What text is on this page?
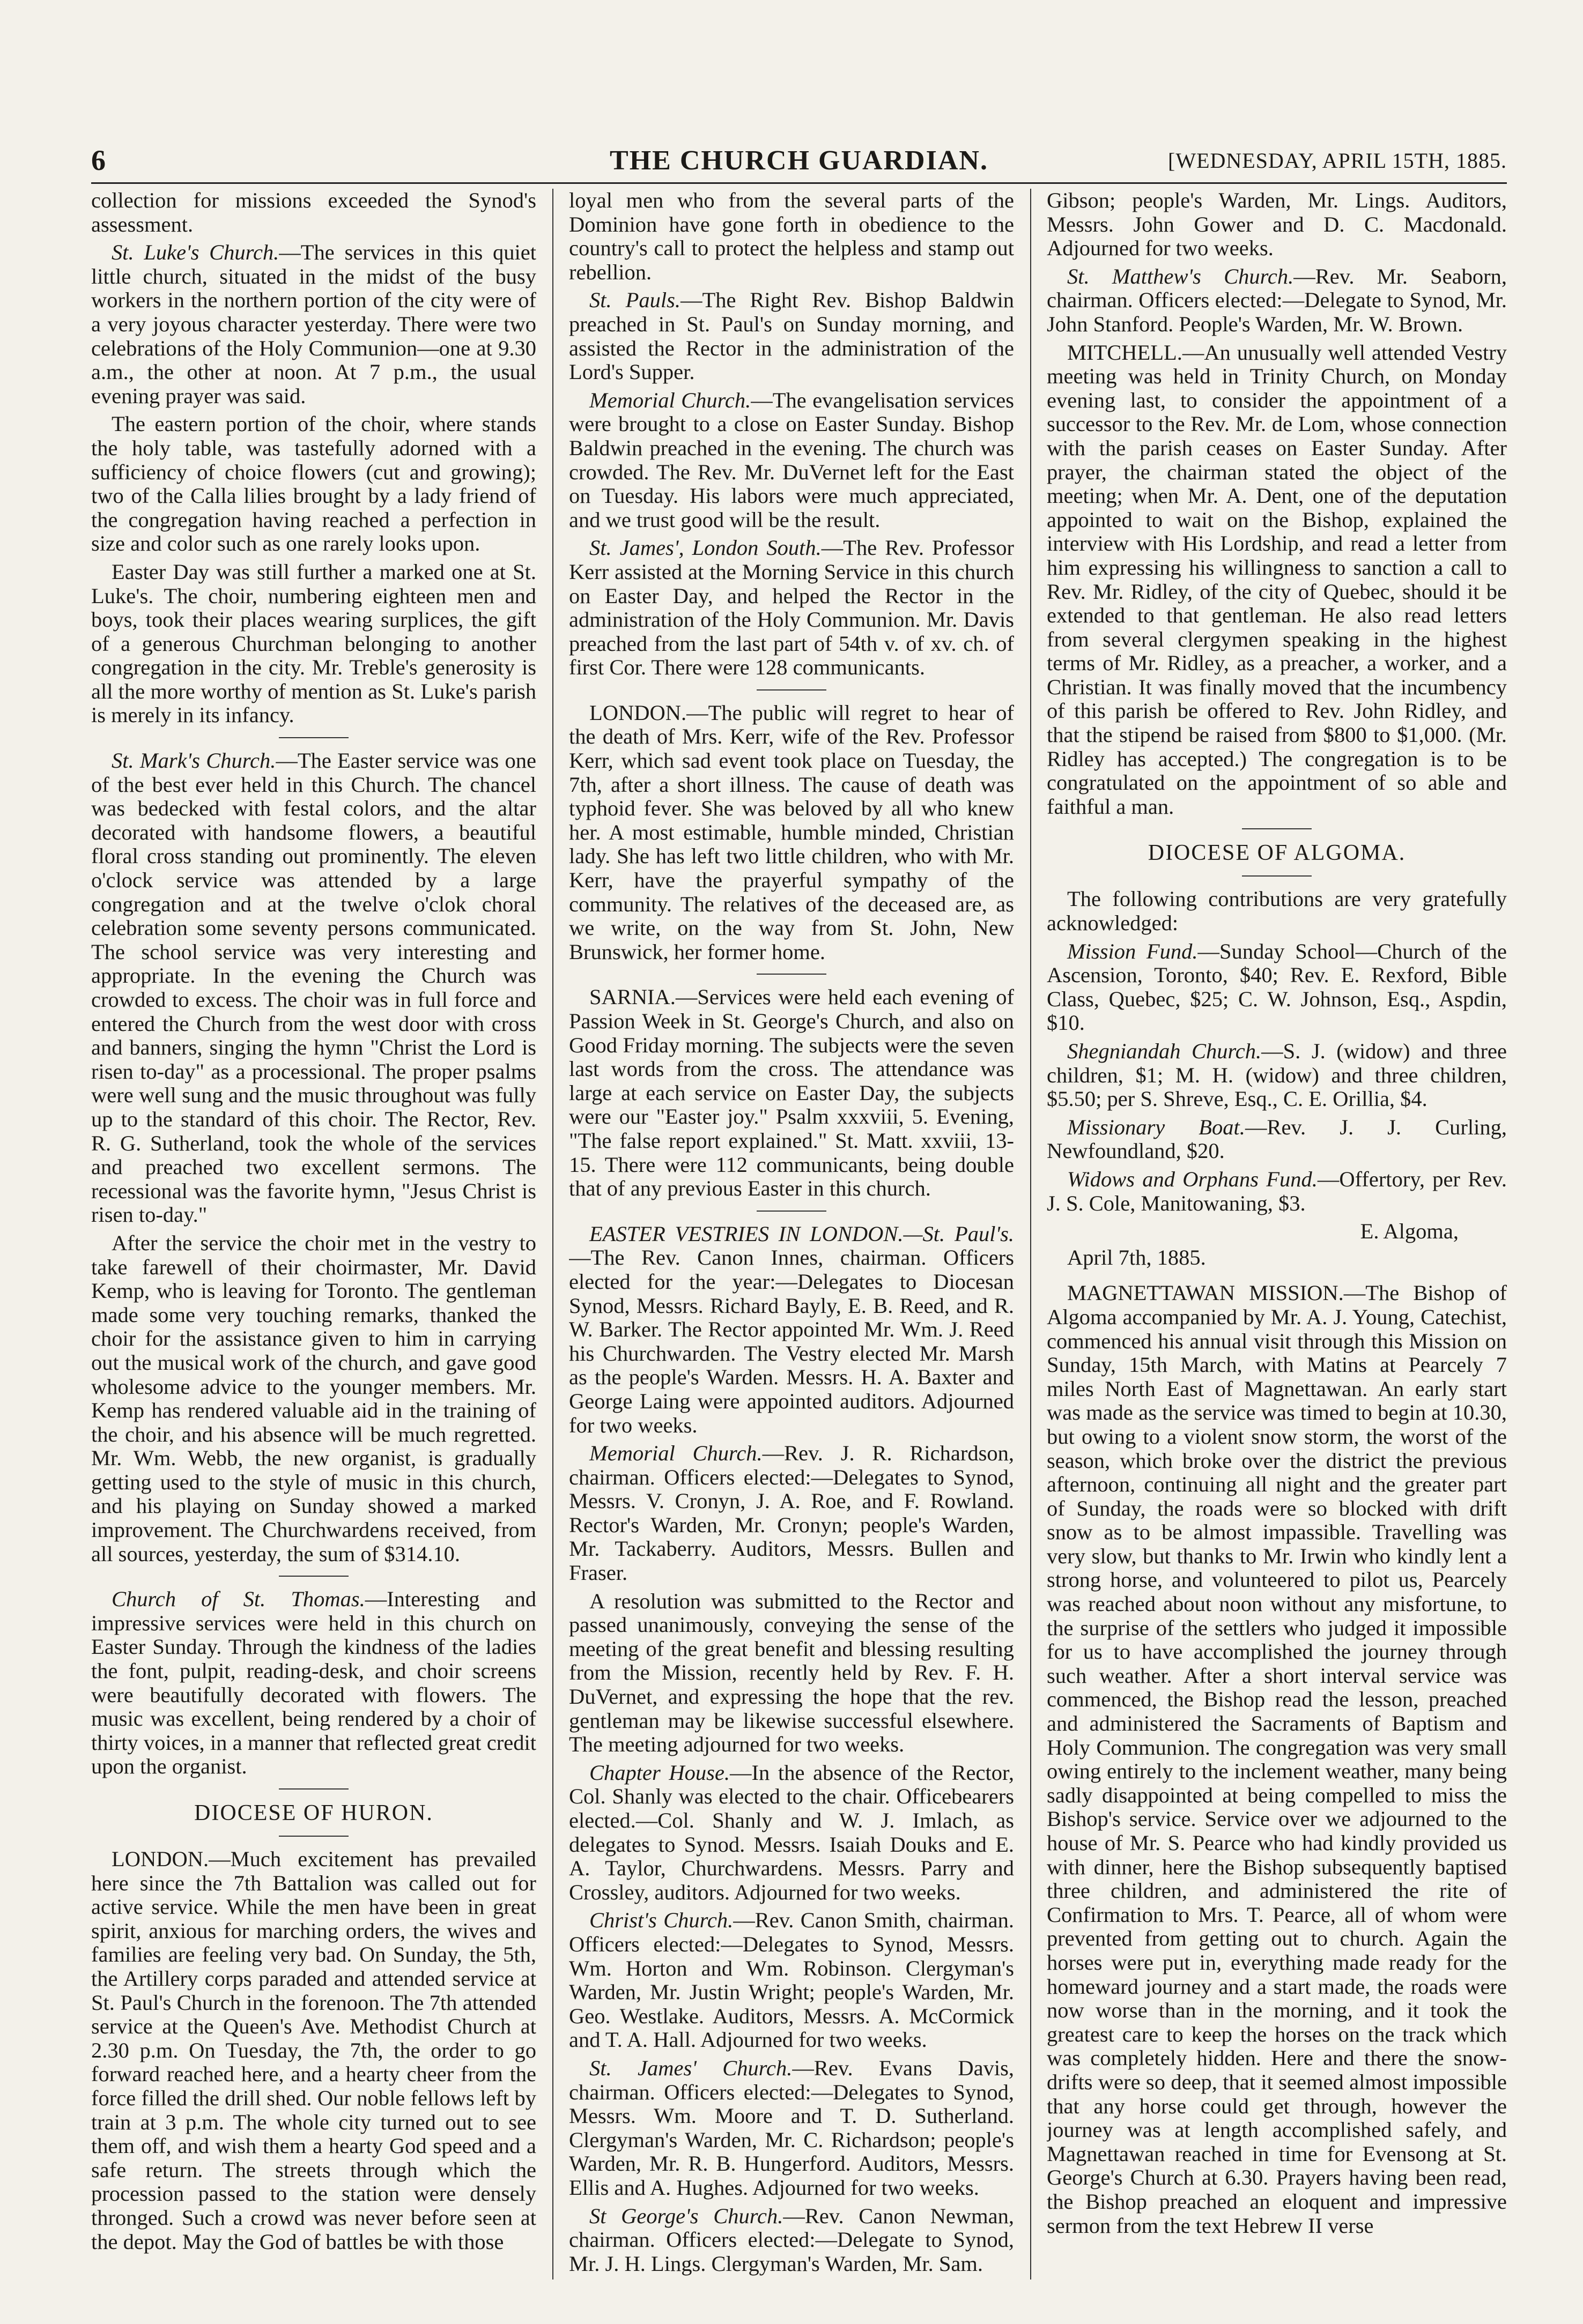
6	THE CHURCH GUARDIAN.	[WEDNESDAY, APRIL 15TH, 1885.

collection for missions exceeded the Synod's assessment.

St. Luke's Church.—The services in this quiet little church, situated in the midst of the busy workers in the northern portion of the city were of a very joyous character yesterday. There were two celebrations of the Holy Communion—one at 9.30 a.m., the other at noon. At 7 p.m., the usual evening prayer was said.

The eastern portion of the choir, where stands the holy table, was tastefully adorned with a sufficiency of choice flowers (cut and growing); two of the Calla lilies brought by a lady friend of the congregation having reached a perfection in size and color such as one rarely looks upon.

Easter Day was still further a marked one at St. Luke's. The choir, numbering eighteen men and boys, took their places wearing surplices, the gift of a generous Churchman belonging to another congregation in the city. Mr. Treble's generosity is all the more worthy of mention as St. Luke's parish is merely in its infancy.

St. Mark's Church.—The Easter service was one of the best ever held in this Church. The chancel was bedecked with festal colors, and the altar decorated with handsome flowers, a beautiful floral cross standing out prominently. The eleven o'clock service was attended by a large congregation and at the twelve o'clok choral celebration some seventy persons communicated. The school service was very interesting and appropriate. In the evening the Church was crowded to excess. The choir was in full force and entered the Church from the west door with cross and banners, singing the hymn "Christ the Lord is risen to-day" as a processional. The proper psalms were well sung and the music throughout was fully up to the standard of this choir. The Rector, Rev. R. G. Sutherland, took the whole of the services and preached two excellent sermons. The recessional was the favorite hymn, "Jesus Christ is risen to-day."

After the service the choir met in the vestry to take farewell of their choirmaster, Mr. David Kemp, who is leaving for Toronto. The gentleman made some very touching remarks, thanked the choir for the assistance given to him in carrying out the musical work of the church, and gave good wholesome advice to the younger members. Mr. Kemp has rendered valuable aid in the training of the choir, and his absence will be much regretted. Mr. Wm. Webb, the new organist, is gradually getting used to the style of music in this church, and his playing on Sunday showed a marked improvement. The Churchwardens received, from all sources, yesterday, the sum of $314.10.

Church of St. Thomas.—Interesting and impressive services were held in this church on Easter Sunday. Through the kindness of the ladies the font, pulpit, reading-desk, and choir screens were beautifully decorated with flowers. The music was excellent, being rendered by a choir of thirty voices, in a manner that reflected great credit upon the organist.

DIOCESE OF HURON.

LONDON.—Much excitement has prevailed here since the 7th Battalion was called out for active service. While the men have been in great spirit, anxious for marching orders, the wives and families are feeling very bad. On Sunday, the 5th, the Artillery corps paraded and attended service at St. Paul's Church in the forenoon. The 7th attended service at the Queen's Ave. Methodist Church at 2.30 p.m. On Tuesday, the 7th, the order to go forward reached here, and a hearty cheer from the force filled the drill shed. Our noble fellows left by train at 3 p.m. The whole city turned out to see them off, and wish them a hearty God speed and a safe return. The streets through which the procession passed to the station were densely thronged. Such a crowd was never before seen at the depot. May the God of battles be with those

loyal men who from the several parts of the Dominion have gone forth in obedience to the country's call to protect the helpless and stamp out rebellion.

St. Pauls.—The Right Rev. Bishop Baldwin preached in St. Paul's on Sunday morning, and assisted the Rector in the administration of the Lord's Supper.

Memorial Church.—The evangelisation services were brought to a close on Easter Sunday. Bishop Baldwin preached in the evening. The church was crowded. The Rev. Mr. DuVernet left for the East on Tuesday. His labors were much appreciated, and we trust good will be the result.

St. James', London South.—The Rev. Professor Kerr assisted at the Morning Service in this church on Easter Day, and helped the Rector in the administration of the Holy Communion. Mr. Davis preached from the last part of 54th v. of xv. ch. of first Cor. There were 128 communicants.

LONDON.—The public will regret to hear of the death of Mrs. Kerr, wife of the Rev. Professor Kerr, which sad event took place on Tuesday, the 7th, after a short illness. The cause of death was typhoid fever. She was beloved by all who knew her. A most estimable, humble minded, Christian lady. She has left two little children, who with Mr. Kerr, have the prayerful sympathy of the community. The relatives of the deceased are, as we write, on the way from St. John, New Brunswick, her former home.

SARNIA.—Services were held each evening of Passion Week in St. George's Church, and also on Good Friday morning. The subjects were the seven last words from the cross. The attendance was large at each service on Easter Day, the subjects were our "Easter joy." Psalm xxxviii, 5. Evening, "The false report explained." St. Matt. xxviii, 13-15. There were 112 communicants, being double that of any previous Easter in this church.

EASTER VESTRIES IN LONDON.—St. Paul's.—The Rev. Canon Innes, chairman. Officers elected for the year:—Delegates to Diocesan Synod, Messrs. Richard Bayly, E. B. Reed, and R. W. Barker. The Rector appointed Mr. Wm. J. Reed his Churchwarden. The Vestry elected Mr. Marsh as the people's Warden. Messrs. H. A. Baxter and George Laing were appointed auditors. Adjourned for two weeks.

Memorial Church.—Rev. J. R. Richardson, chairman. Officers elected:—Delegates to Synod, Messrs. V. Cronyn, J. A. Roe, and F. Rowland. Rector's Warden, Mr. Cronyn; people's Warden, Mr. Tackaberry. Auditors, Messrs. Bullen and Fraser.

A resolution was submitted to the Rector and passed unanimously, conveying the sense of the meeting of the great benefit and blessing resulting from the Mission, recently held by Rev. F. H. DuVernet, and expressing the hope that the rev. gentleman may be likewise successful elsewhere. The meeting adjourned for two weeks.

Chapter House.—In the absence of the Rector, Col. Shanly was elected to the chair. Officebearers elected.—Col. Shanly and W. J. Imlach, as delegates to Synod. Messrs. Isaiah Douks and E. A. Taylor, Churchwardens. Messrs. Parry and Crossley, auditors. Adjourned for two weeks.

Christ's Church.—Rev. Canon Smith, chairman. Officers elected:—Delegates to Synod, Messrs. Wm. Horton and Wm. Robinson. Clergyman's Warden, Mr. Justin Wright; people's Warden, Mr. Geo. Westlake. Auditors, Messrs. A. McCormick and T. A. Hall. Adjourned for two weeks.

St. James' Church.—Rev. Evans Davis, chairman. Officers elected:—Delegates to Synod, Messrs. Wm. Moore and T. D. Sutherland. Clergyman's Warden, Mr. C. Richardson; people's Warden, Mr. R. B. Hungerford. Auditors, Messrs. Ellis and A. Hughes. Adjourned for two weeks.

St George's Church.—Rev. Canon Newman, chairman. Officers elected:—Delegate to Synod, Mr. J. H. Lings. Clergyman's Warden, Mr. Sam.

Gibson; people's Warden, Mr. Lings. Auditors, Messrs. John Gower and D. C. Macdonald. Adjourned for two weeks.

St. Matthew's Church.—Rev. Mr. Seaborn, chairman. Officers elected:—Delegate to Synod, Mr. John Stanford. People's Warden, Mr. W. Brown.

MITCHELL.—An unusually well attended Vestry meeting was held in Trinity Church, on Monday evening last, to consider the appointment of a successor to the Rev. Mr. de Lom, whose connection with the parish ceases on Easter Sunday. After prayer, the chairman stated the object of the meeting; when Mr. A. Dent, one of the deputation appointed to wait on the Bishop, explained the interview with His Lordship, and read a letter from him expressing his willingness to sanction a call to Rev. Mr. Ridley, of the city of Quebec, should it be extended to that gentleman. He also read letters from several clergymen speaking in the highest terms of Mr. Ridley, as a preacher, a worker, and a Christian. It was finally moved that the incumbency of this parish be offered to Rev. John Ridley, and that the stipend be raised from $800 to $1,000. (Mr. Ridley has accepted.) The congregation is to be congratulated on the appointment of so able and faithful a man.

DIOCESE OF ALGOMA.

The following contributions are very gratefully acknowledged:

Mission Fund.—Sunday School—Church of the Ascension, Toronto, $40; Rev. E. Rexford, Bible Class, Quebec, $25; C. W. Johnson, Esq., Aspdin, $10.

Shegniandah Church.—S. J. (widow) and three children, $1; M. H. (widow) and three children, $5.50; per S. Shreve, Esq., C. E. Orillia, $4.

Missionary Boat.—Rev. J. J. Curling, Newfoundland, $20.

Widows and Orphans Fund.—Offertory, per Rev. J. S. Cole, Manitowaning, $3.

E. Algoma,
April 7th, 1885.

MAGNETTAWAN MISSION.—The Bishop of Algoma accompanied by Mr. A. J. Young, Catechist, commenced his annual visit through this Mission on Sunday, 15th March, with Matins at Pearcely 7 miles North East of Magnettawan. An early start was made as the service was timed to begin at 10.30, but owing to a violent snow storm, the worst of the season, which broke over the district the previous afternoon, continuing all night and the greater part of Sunday, the roads were so blocked with drift snow as to be almost impassible. Travelling was very slow, but thanks to Mr. Irwin who kindly lent a strong horse, and volunteered to pilot us, Pearcely was reached about noon without any misfortune, to the surprise of the settlers who judged it impossible for us to have accomplished the journey through such weather. After a short interval service was commenced, the Bishop read the lesson, preached and administered the Sacraments of Baptism and Holy Communion. The congregation was very small owing entirely to the inclement weather, many being sadly disappointed at being compelled to miss the Bishop's service. Service over we adjourned to the house of Mr. S. Pearce who had kindly provided us with dinner, here the Bishop subsequently baptised three children, and administered the rite of Confirmation to Mrs. T. Pearce, all of whom were prevented from getting out to church. Again the horses were put in, everything made ready for the homeward journey and a start made, the roads were now worse than in the morning, and it took the greatest care to keep the horses on the track which was completely hidden. Here and there the snow-drifts were so deep, that it seemed almost impossible that any horse could get through, however the journey was at length accomplished safely, and Magnettawan reached in time for Evensong at St. George's Church at 6.30. Prayers having been read, the Bishop preached an eloquent and impressive sermon from the text Hebrew II verse
